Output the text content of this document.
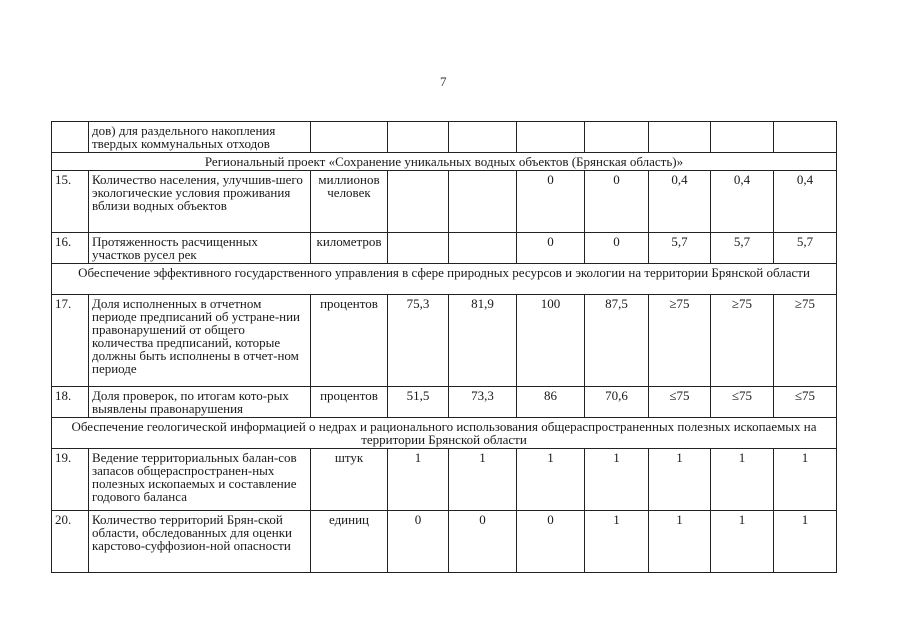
7
	дов) для раздельного накопления твердых коммунальных отходов								
Региональный проект «Сохранение уникальных водных объектов (Брянская область)»									
15.	Количество населения, улучшив-шего экологические условия проживания вблизи водных объектов	миллионов человек			0	0	0,4	0,4	0,4
16.	Протяженность расчищенных участков русел рек	километров			0	0	5,7	5,7	5,7
Обеспечение эффективного государственного управления в сфере природных ресурсов и экологии на территории Брянской области									
17.	Доля исполненных в отчетном периоде предписаний об устране-нии правонарушений от общего количества предписаний, которые должны быть исполнены в отчет-ном периоде	процентов	75,3	81,9	100	87,5	≥75	≥75	≥75
18.	Доля проверок, по итогам кото-рых выявлены правонарушения	процентов	51,5	73,3	86	70,6	≤75	≤75	≤75
Обеспечение геологической информацией о недрах и рационального использования общераспространенных полезных ископаемых на территории Брянской области									
19.	Ведение территориальных балан-сов запасов общераспространен-ных полезных ископаемых и составление годового баланса	штук	1	1	1	1	1	1	1
20.	Количество территорий Брян-ской области, обследованных для оценки карстово-суффозион-ной опасности	единиц	0	0	0	1	1	1	1
